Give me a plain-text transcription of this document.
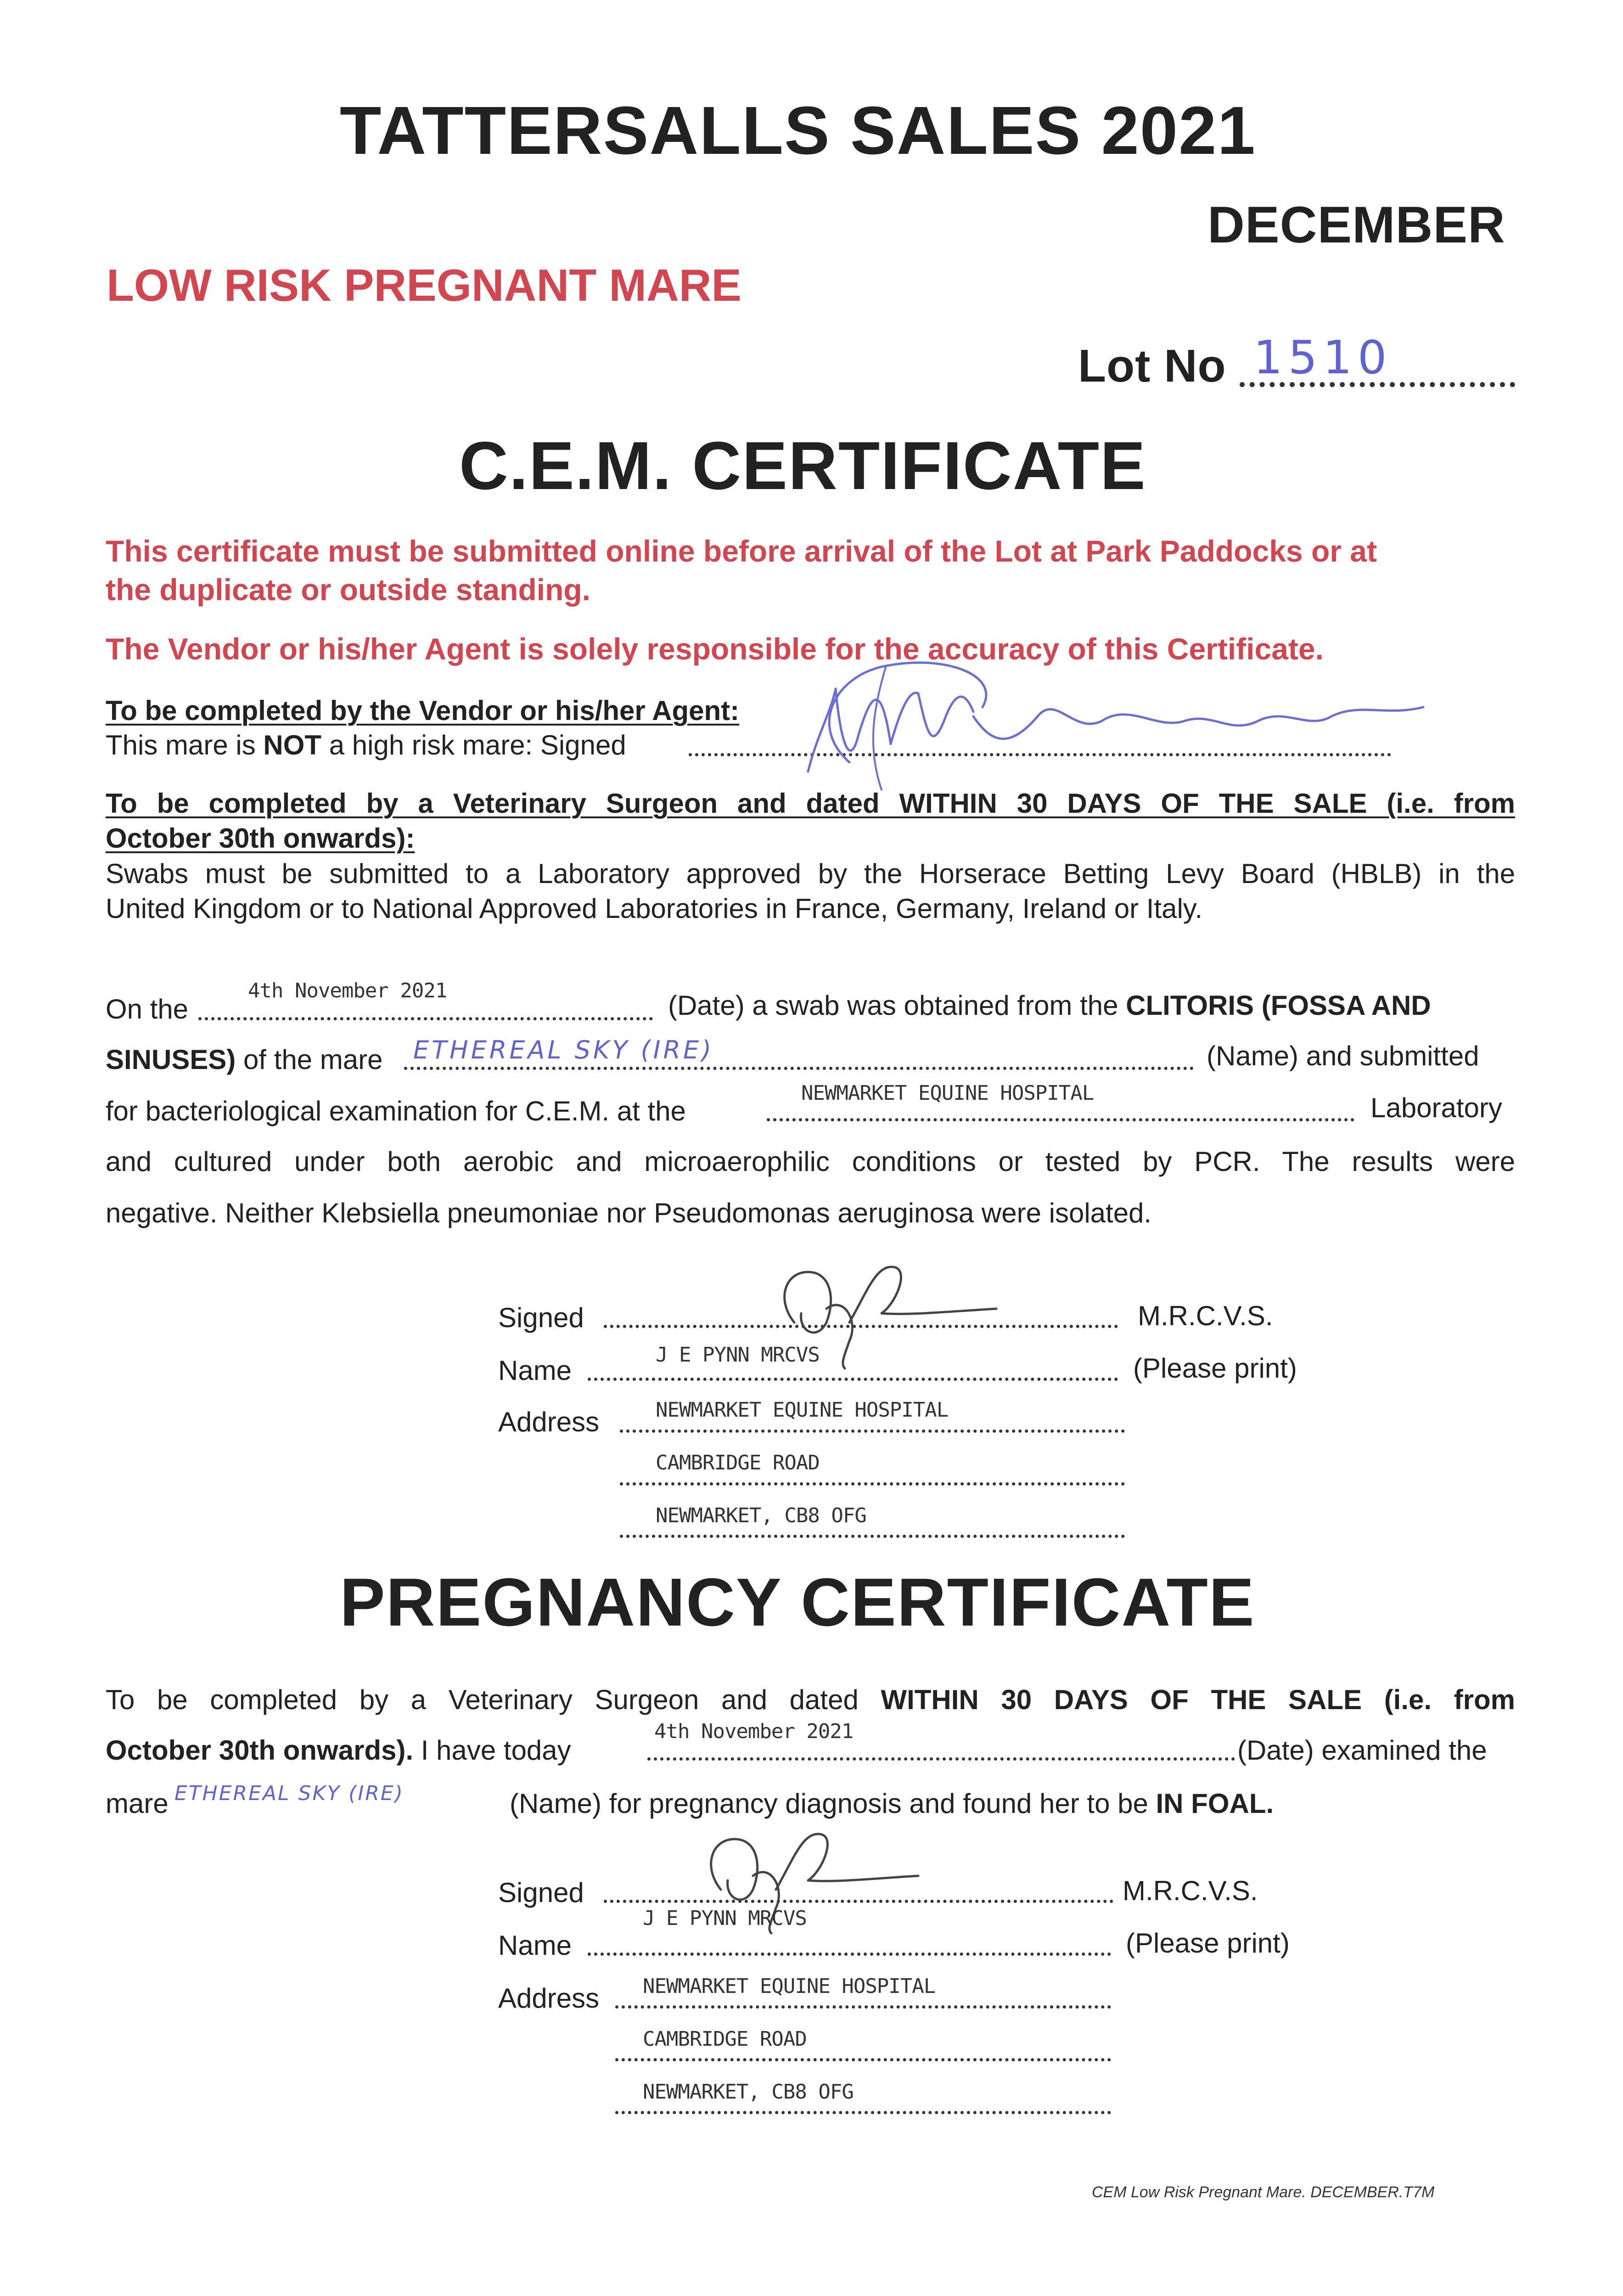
TATTERSALLS SALES 2021
DECEMBER
LOW RISK PREGNANT MARE
Lot No 1510
C.E.M. CERTIFICATE
This certificate must be submitted online before arrival of the Lot at Park Paddocks or at
the duplicate or outside standing.
The Vendor or his/her Agent is solely responsible for the accuracy of this Certificate.
To be completed by the Vendor or his/her Agent:
This mare is NOT a high risk mare: Signed
To be completed by a Veterinary Surgeon and dated WITHIN 30 DAYS OF THE SALE (i.e. from
October 30th onwards):
Swabs must be submitted to a Laboratory approved by the Horserace Betting Levy Board (HBLB) in the
United Kingdom or to National Approved Laboratories in France, Germany, Ireland or Italy.
On the
4th November 2021	(Date) a swab was obtained from the CLITORIS (FOSSA AND
SINUSES) of the mare ETHEREAL SKY (IRE)	(Name) and submitted
for bacteriological examination for C.E.M. at the
NEWMARKET EQUINE HOSPITAL	Laboratory
and cultured under both aerobic and microaerophilic conditions or tested by PCR. The results were
negative. Neither Klebsiella pneumoniae nor Pseudomonas aeruginosa were isolated.
Signed	M.R.C.V.S.
Name
J E PYNN MRCVS	(Please print)
Address	NEWMARKET EQUINE HOSPITAL
CAMBRIDGE ROAD
NEWMARKET, CB8 OFG
PREGNANCY CERTIFICATE
To be completed by a Veterinary Surgeon and dated WITHIN 30 DAYS OF THE SALE (i.e. from
October 30th onwards). I have today
4th November 2021
(Date) examined the
mare ETHEREAL SKY (IRE)	(Name) for pregnancy diagnosis and found her to be IN FOAL.
Signed	M.R.C.V.S.
Name
J E PYNN MRCVS
(Please print)
Address NEWMARKET EQUINE HOSPITAL
CAMBRIDGE ROAD
NEWMARKET, CB8 OFG
CEM Low Risk Pregnant Mare. DECEMBER.T7M
